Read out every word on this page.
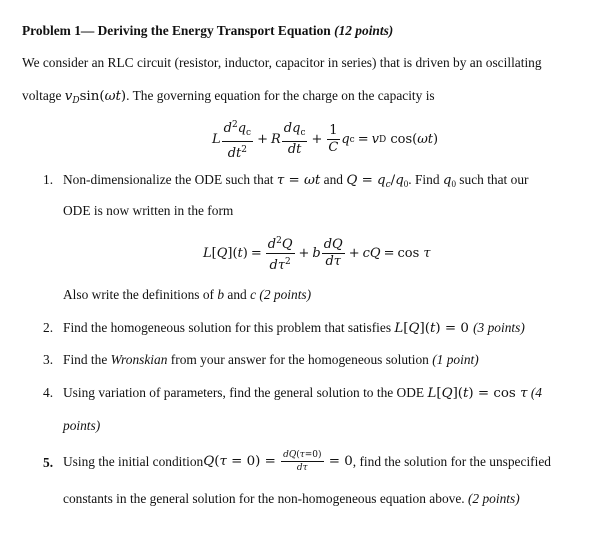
Problem 1— Deriving the Energy Transport Equation (12 points)
We consider an RLC circuit (resistor, inductor, capacitor in series) that is driven by an oscillating
voltage $v_D\sin(\omega t)$. The governing equation for the charge on the capacity is
L $\frac{d^2q_c}{dt^2} + R \frac{dq_c}{dt} + \frac{1}{C}$ q c = v D
cos( ωt )
1. Non-dimensionalize the ODE such that τ = ωt and $Q = q_c/q_0$. Find $q_0$ such that our
ODE is now written in the form
L [ Q ]( t ) = $\frac{d^2Q}{d\tau^2} + b \frac{dQ}{d\tau}$ + cQ = cos
τ
Also write the definitions of b and c (2 points)
2. Find the homogeneous solution for this problem that satisfies L[Q](t) = 0 (3 points)
3. Find the Wronskian from your answer for the homogeneous solution (1 point)
4. Using variation of parameters, find the general solution to the ODE L[Q](t) = cos τ (4
points)
5. Using the initial condition Q ( $\tau = 0) = \frac{dQ(\tau=0)}{d\tau} = 0$ , find the solution for the unspecified
constants in the general solution for the non-homogeneous equation above. (2 points)
